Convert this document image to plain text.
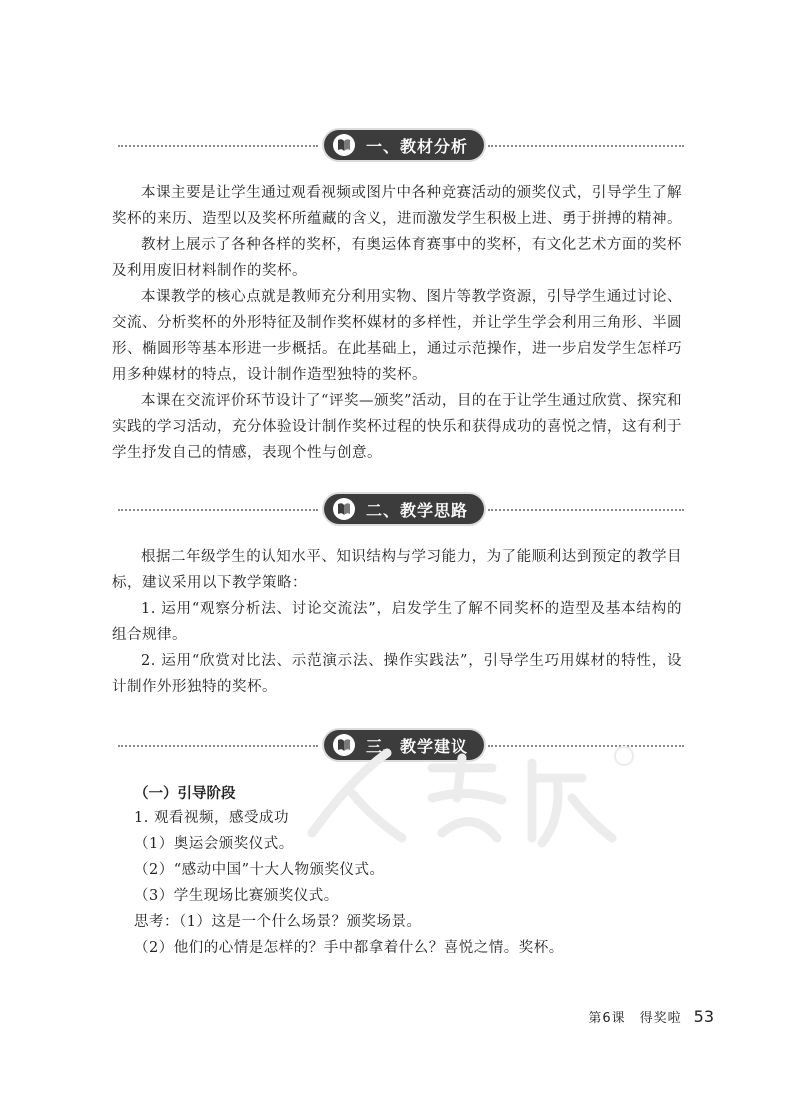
一、教材分析

本课主要是让学生通过观看视频或图片中各种竞赛活动的颁奖仪式，引导学生了解奖杯的来历、造型以及奖杯所蕴藏的含义，进而激发学生积极上进、勇于拼搏的精神。

教材上展示了各种各样的奖杯，有奥运体育赛事中的奖杯，有文化艺术方面的奖杯及利用废旧材料制作的奖杯。

本课教学的核心点就是教师充分利用实物、图片等教学资源，引导学生通过讨论、交流、分析奖杯的外形特征及制作奖杯媒材的多样性，并让学生学会利用三角形、半圆形、椭圆形等基本形进一步概括。在此基础上，通过示范操作，进一步启发学生怎样巧用多种媒材的特点，设计制作造型独特的奖杯。

本课在交流评价环节设计了“评奖—颁奖”活动，目的在于让学生通过欣赏、探究和实践的学习活动，充分体验设计制作奖杯过程的快乐和获得成功的喜悦之情，这有利于学生抒发自己的情感，表现个性与创意。

二、教学思路

根据二年级学生的认知水平、知识结构与学习能力，为了能顺利达到预定的教学目标，建议采用以下教学策略：

1. 运用“观察分析法、讨论交流法”，启发学生了解不同奖杯的造型及基本结构的组合规律。

2. 运用“欣赏对比法、示范演示法、操作实践法”，引导学生巧用媒材的特性，设计制作外形独特的奖杯。

三、教学建议

（一）引导阶段

1. 观看视频，感受成功

（1）奥运会颁奖仪式。

（2）“感动中国”十大人物颁奖仪式。

（3）学生现场比赛颁奖仪式。

思考：（1）这是一个什么场景？颁奖场景。

（2）他们的心情是怎样的？手中都拿着什么？喜悦之情。奖杯。

第6课　得奖啦 53
